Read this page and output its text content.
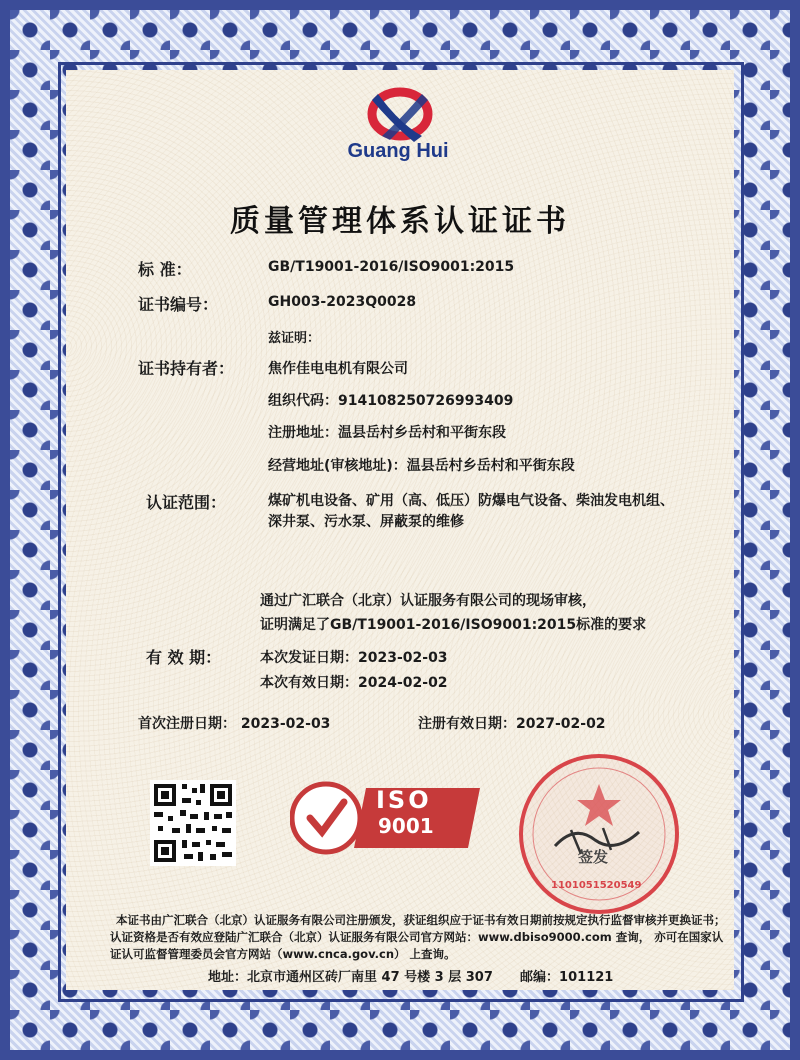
Guang Hui
质量管理体系认证证书
标 准：	GB/T19001-2016/ISO9001:2015
证书编号：	GH003-2023Q0028
兹证明：
证书持有者： 焦作佳电电机有限公司
组织代码：914108250726993409
注册地址：温县岳村乡岳村和平街东段
经营地址(审核地址)：温县岳村乡岳村和平街东段
认证范围：	煤矿机电设备、矿用（高、低压）防爆电气设备、柴油发电机组、
深井泵、污水泵、屏蔽泵的维修
通过广汇联合（北京）认证服务有限公司的现场审核，
证明满足了GB/T19001-2016/ISO9001:2015标准的要求
有 效 期：	本次发证日期：2023-02-03
本次有效日期：2024-02-02
首次注册日期： 2023-02-03	注册有效日期：2027-02-02
ISO
9001
签发
1101051520549
本证书由广汇联合（北京）认证服务有限公司注册颁发，获证组织应于证书有效日期前按规定执行监督审核并更换证书；
认证资格是否有效应登陆广汇联合（北京）认证服务有限公司官方网站：www.dbiso9000.com 查询， 亦可在国家认
证认可监督管理委员会官方网站（www.cnca.gov.cn） 上查询。
地址：北京市通州区砖厂南里 47 号楼 3 层 307      邮编：101121
